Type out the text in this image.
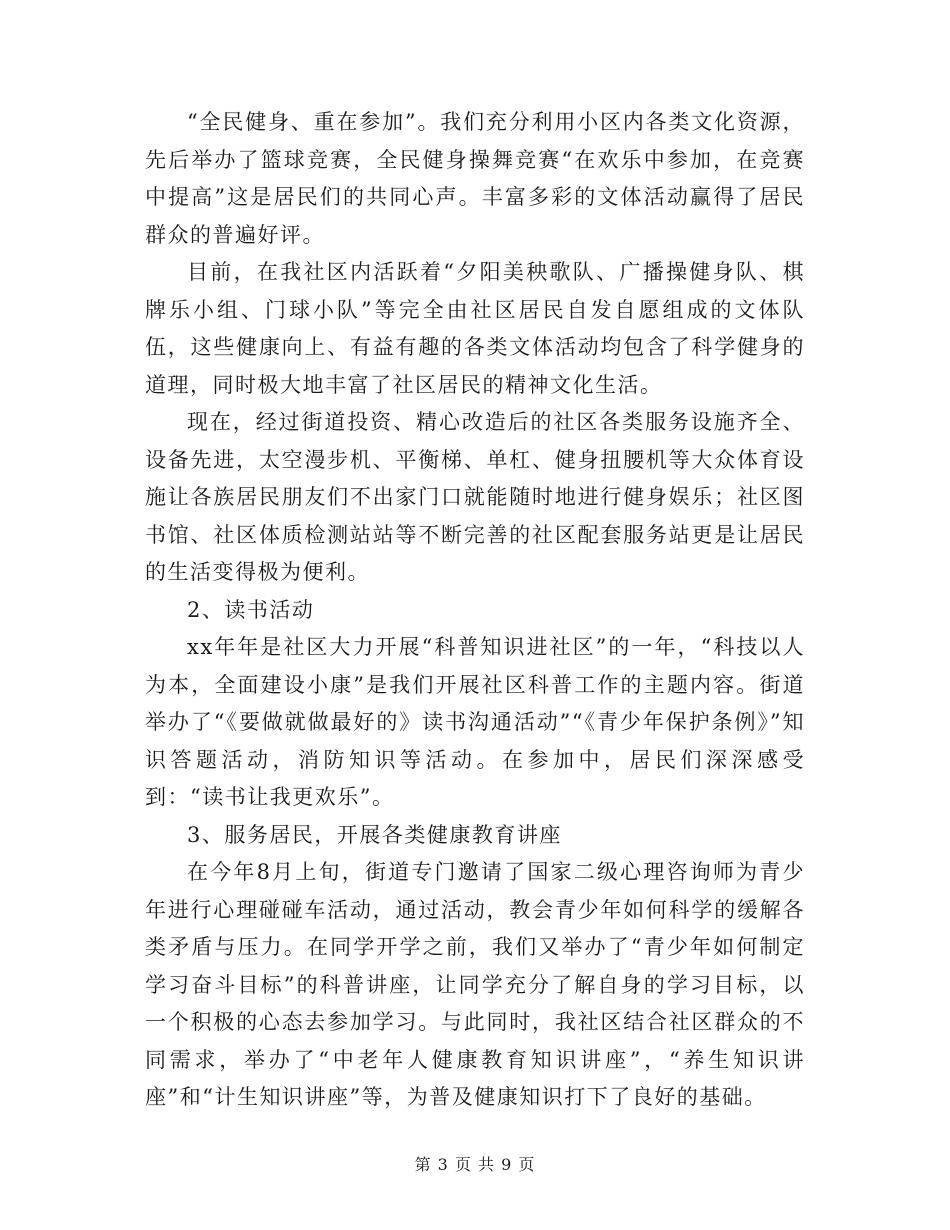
“全民健身、重在参加”。我们充分利用小区内各类文化资源，先后举办了篮球竞赛，全民健身操舞竞赛“在欢乐中参加，在竞赛中提高”这是居民们的共同心声。丰富多彩的文体活动赢得了居民群众的普遍好评。

目前，在我社区内活跃着“夕阳美秧歌队、广播操健身队、棋牌乐小组、门球小队”等完全由社区居民自发自愿组成的文体队伍，这些健康向上、有益有趣的各类文体活动均包含了科学健身的道理，同时极大地丰富了社区居民的精神文化生活。

现在，经过街道投资、精心改造后的社区各类服务设施齐全、设备先进，太空漫步机、平衡梯、单杠、健身扭腰机等大众体育设施让各族居民朋友们不出家门口就能随时地进行健身娱乐；社区图书馆、社区体质检测站站等不断完善的社区配套服务站更是让居民的生活变得极为便利。

2、读书活动

xx年年是社区大力开展“科普知识进社区”的一年，“科技以人为本，全面建设小康”是我们开展社区科普工作的主题内容。街道举办了“《要做就做最好的》读书沟通活动”“《青少年保护条例》”知识答题活动，消防知识等活动。在参加中，居民们深深感受到：“读书让我更欢乐”。

3、服务居民，开展各类健康教育讲座

在今年8月上旬，街道专门邀请了国家二级心理咨询师为青少年进行心理碰碰车活动，通过活动，教会青少年如何科学的缓解各类矛盾与压力。在同学开学之前，我们又举办了“青少年如何制定学习奋斗目标”的科普讲座，让同学充分了解自身的学习目标，以一个积极的心态去参加学习。与此同时，我社区结合社区群众的不同需求，举办了“中老年人健康教育知识讲座”，“养生知识讲座”和“计生知识讲座”等，为普及健康知识打下了良好的基础。

第 3 页 共 9 页
